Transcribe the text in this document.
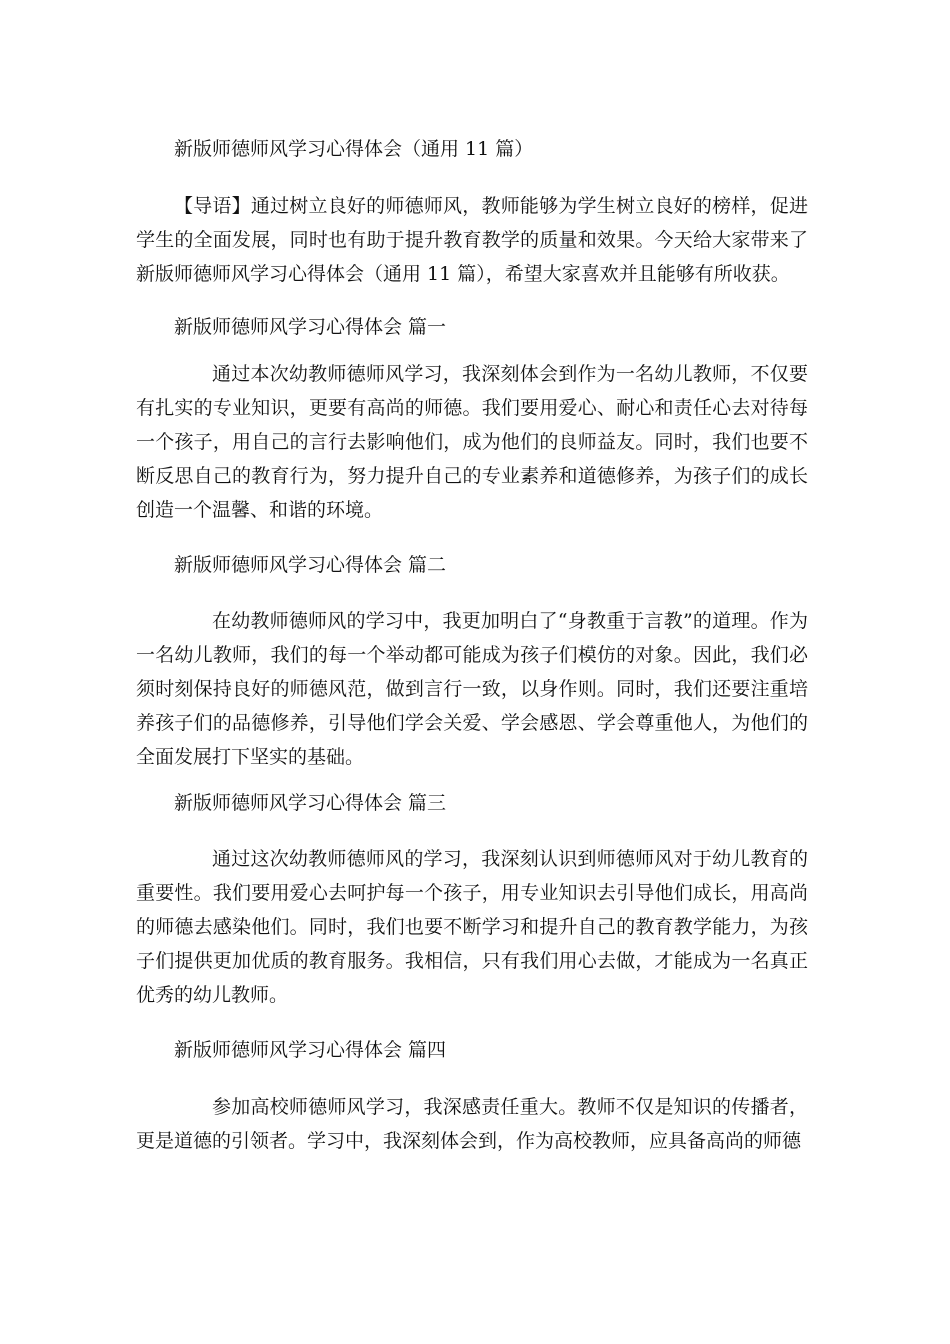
新版师德师风学习心得体会（通用 11 篇）
【导语】通过树立良好的师德师风，教师能够为学生树立良好的榜样，促进学生的全面发展，同时也有助于提升教育教学的质量和效果。今天给大家带来了新版师德师风学习心得体会（通用 11 篇），希望大家喜欢并且能够有所收获。
新版师德师风学习心得体会 篇一
通过本次幼教师德师风学习，我深刻体会到作为一名幼儿教师，不仅要有扎实的专业知识，更要有高尚的师德。我们要用爱心、耐心和责任心去对待每一个孩子，用自己的言行去影响他们，成为他们的良师益友。同时，我们也要不断反思自己的教育行为，努力提升自己的专业素养和道德修养，为孩子们的成长创造一个温馨、和谐的环境。
新版师德师风学习心得体会 篇二
在幼教师德师风的学习中，我更加明白了“身教重于言教”的道理。作为一名幼儿教师，我们的每一个举动都可能成为孩子们模仿的对象。因此，我们必须时刻保持良好的师德风范，做到言行一致，以身作则。同时，我们还要注重培养孩子们的品德修养，引导他们学会关爱、学会感恩、学会尊重他人，为他们的全面发展打下坚实的基础。
新版师德师风学习心得体会 篇三
通过这次幼教师德师风的学习，我深刻认识到师德师风对于幼儿教育的重要性。我们要用爱心去呵护每一个孩子，用专业知识去引导他们成长，用高尚的师德去感染他们。同时，我们也要不断学习和提升自己的教育教学能力，为孩子们提供更加优质的教育服务。我相信，只有我们用心去做，才能成为一名真正优秀的幼儿教师。
新版师德师风学习心得体会 篇四
参加高校师德师风学习，我深感责任重大。教师不仅是知识的传播者，更是道德的引领者。学习中，我深刻体会到，作为高校教师，应具备高尚的师德
